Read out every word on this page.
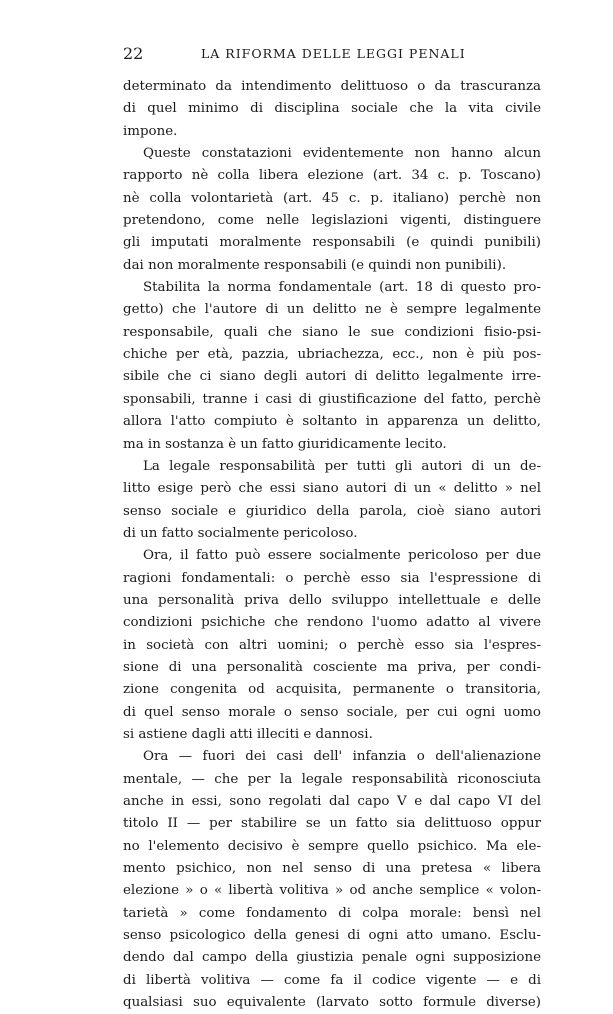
22	LA RIFORMA DELLE LEGGI PENALI
determinato da intendimento delittuoso o da trascuranza
di quel minimo di disciplina sociale che la vita civile
impone.
Queste constatazioni evidentemente non hanno alcun
rapporto nè colla libera elezione (art. 34 c. p. Toscano)
nè colla volontarietà (art. 45 c. p. italiano) perchè non
pretendono, come nelle legislazioni vigenti, distinguere
gli imputati moralmente responsabili (e quindi punibili)
dai non moralmente responsabili (e quindi non punibili).
Stabilita la norma fondamentale (art. 18 di questo pro-
getto) che l'autore di un delitto ne è sempre legalmente
responsabile, quali che siano le sue condizioni fisio-psi-
chiche per età, pazzia, ubriachezza, ecc., non è più pos-
sibile che ci siano degli autori di delitto legalmente irre-
sponsabili, tranne i casi di giustificazione del fatto, perchè
allora l'atto compiuto è soltanto in apparenza un delitto,
ma in sostanza è un fatto giuridicamente lecito.
La legale responsabilità per tutti gli autori di un de-
litto esige però che essi siano autori di un « delitto » nel
senso sociale e giuridico della parola, cioè siano autori
di un fatto socialmente pericoloso.
Ora, il fatto può essere socialmente pericoloso per due
ragioni fondamentali: o perchè esso sia l'espressione di
una personalità priva dello sviluppo intellettuale e delle
condizioni psichiche che rendono l'uomo adatto al vivere
in società con altri uomini; o perchè esso sia l'espres-
sione di una personalità cosciente ma priva, per condi-
zione congenita od acquisita, permanente o transitoria,
di quel senso morale o senso sociale, per cui ogni uomo
si astiene dagli atti illeciti e dannosi.
Ora — fuori dei casi dell' infanzia o dell'alienazione
mentale, — che per la legale responsabilità riconosciuta
anche in essi, sono regolati dal capo V e dal capo VI del
titolo II — per stabilire se un fatto sia delittuoso oppur
no l'elemento decisivo è sempre quello psichico. Ma ele-
mento psichico, non nel senso di una pretesa « libera
elezione » o « libertà volitiva » od anche semplice « volon-
tarietà » come fondamento di colpa morale: bensì nel
senso psicologico della genesi di ogni atto umano. Esclu-
dendo dal campo della giustizia penale ogni supposizione
di libertà volitiva — come fa il codice vigente — e di
qualsiasi suo equivalente (larvato sotto formule diverse)
